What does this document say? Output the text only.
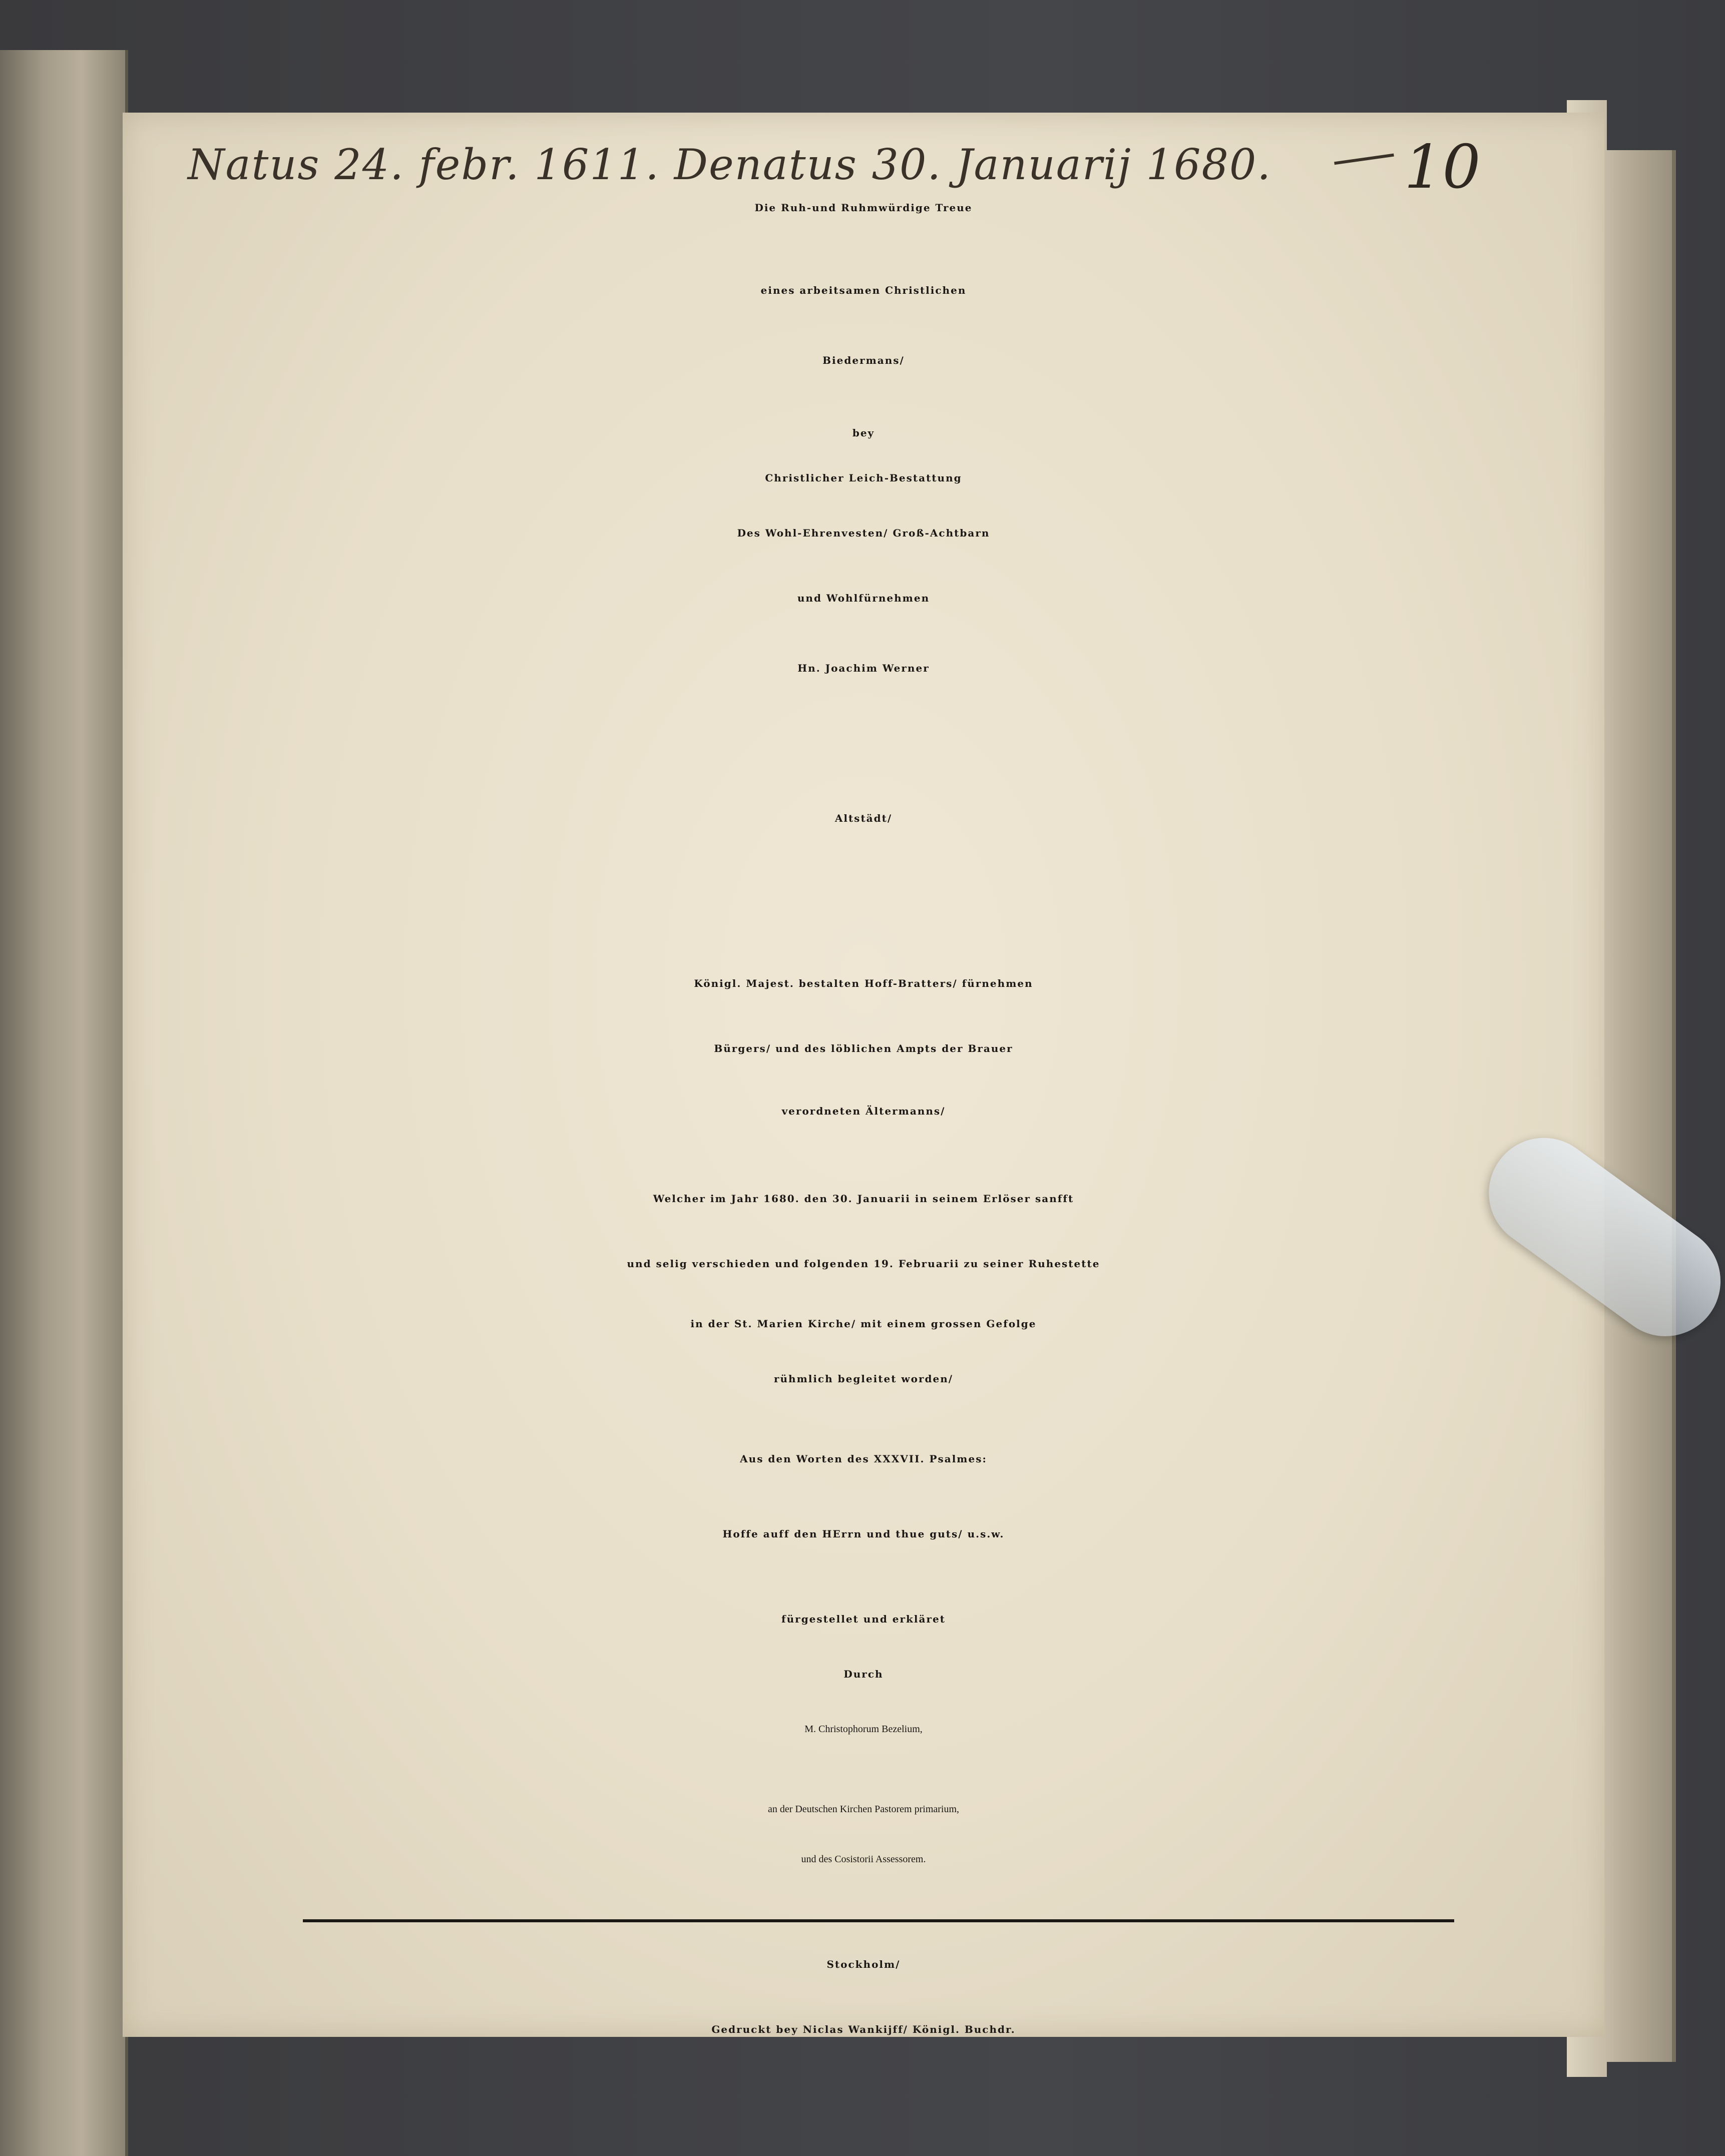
Natus 24. febr. 1611. Denatus 30. Januarij 1680. 10
Die Ruh-und Ruhmwürdige Treue
eines arbeitsamen Christlichen
Biedermans/
bey
Christlicher Leich-Bestattung
Des Wohl-Ehrenvesten/ Groß-Achtbarn
und Wohlfürnehmen
Hn. Joachim Werner
Altstädt/
Königl. Majest. bestalten Hoff-Bratters/ fürnehmen
Bürgers/ und des löblichen Ampts der Brauer
verordneten Ältermanns/
Welcher im Jahr 1680. den 30. Januarii in seinem Erlöser sanfft
und selig verschieden und folgenden 19. Februarii zu seiner Ruhestette
in der St. Marien Kirche/ mit einem grossen Gefolge
rühmlich begleitet worden/
Aus den Worten des XXXVII. Psalmes:
Hoffe auff den HErrn und thue guts/ u.s.w.
fürgestellet und erkläret
Durch
M. Christophorum Bezelium,
an der Deutschen Kirchen Pastorem primarium,
und des Cosistorii Assessorem.
Stockholm/
Gedruckt bey Niclas Wankijff/ Königl. Buchdr.
